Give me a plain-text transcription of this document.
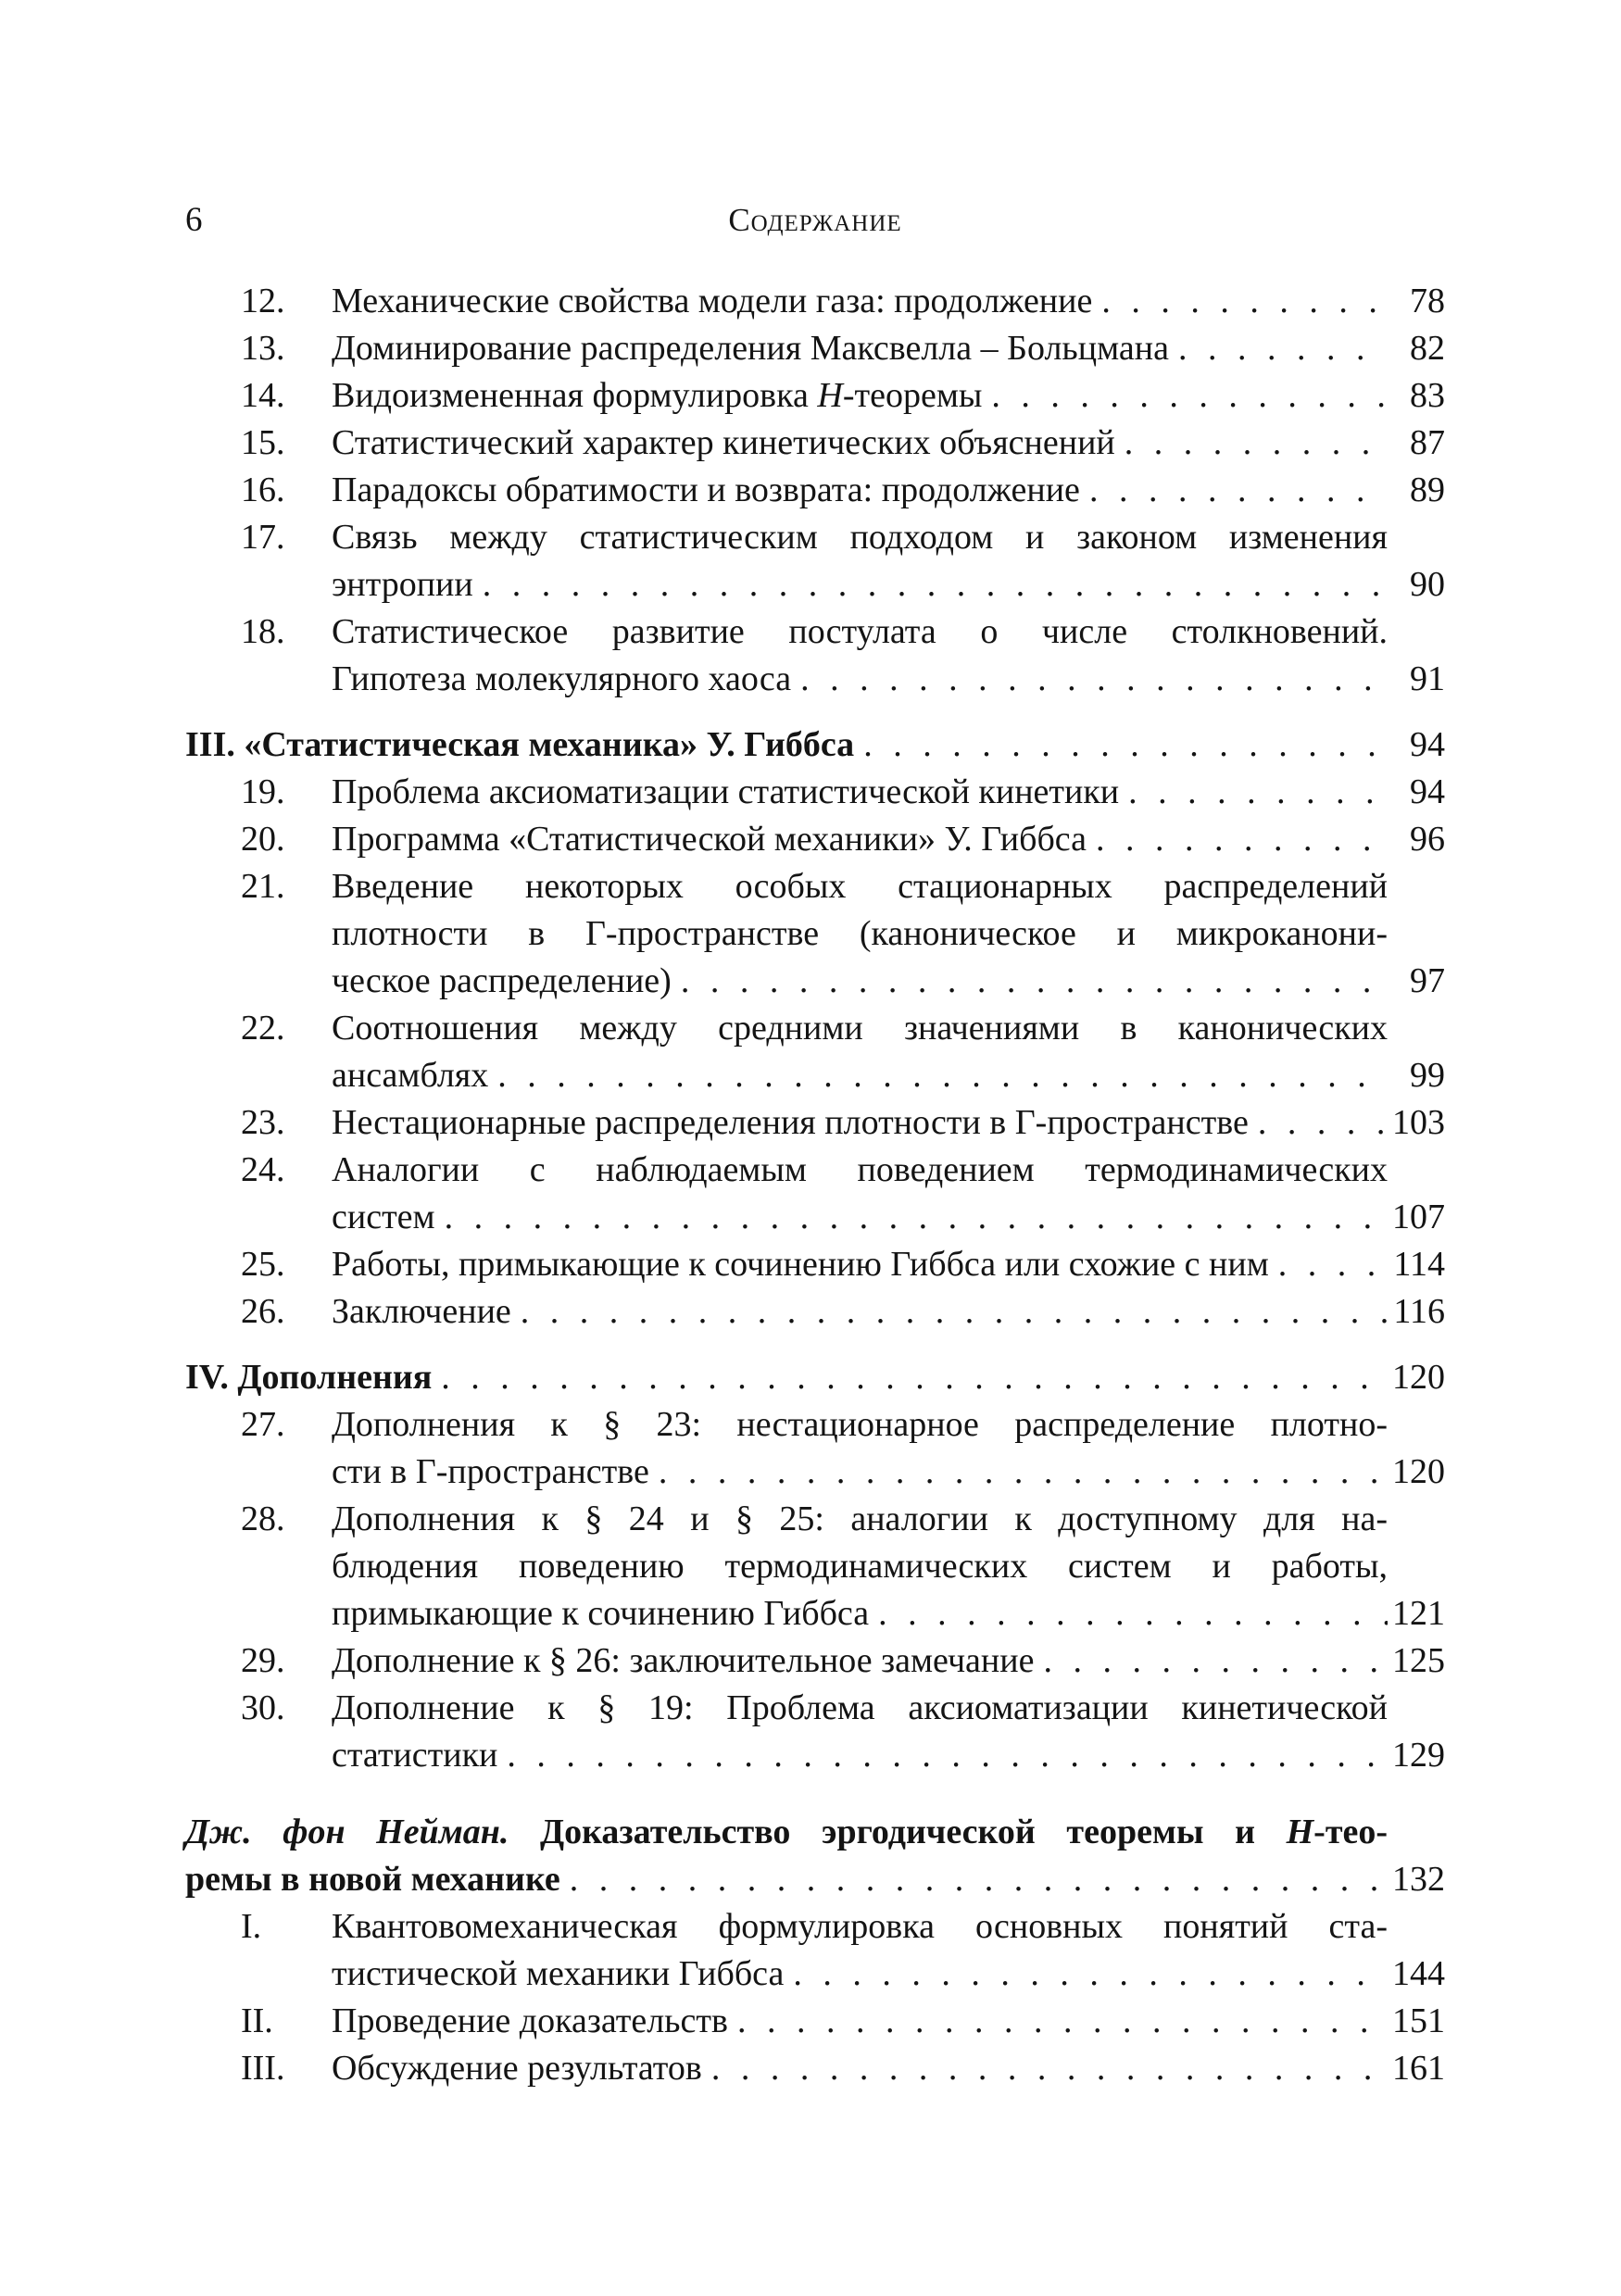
6	Содержание
12.	Механические свойства модели газа: продолжение . . .	78
13.	Доминирование распределения Максвелла – Больцмана . . .	82
14.	Видоизмененная формулировка H-теоремы . . .	83
15.	Статистический характер кинетических объяснений . . .	87
16.	Парадоксы обратимости и возврата: продолжение . . .	89
17.	Связь между статистическим подходом и законом изменения
энтропии . . .	90
18.	Статистическое развитие постулата о числе столкновений.
Гипотеза молекулярного хаоса . . .	91
III. «Статистическая механика» У. Гиббса . . .	94
19.	Проблема аксиоматизации статистической кинетики . . .	94
20.	Программа «Статистической механики» У. Гиббса . . .	96
21.	Введение некоторых особых стационарных распределений
плотности в Г-пространстве (каноническое и микроканони-
ческое распределение) . . .	97
22.	Соотношения между средними значениями в канонических
ансамблях . . .	99
23.	Нестационарные распределения плотности в Г-пространстве . . .	103
24.	Аналогии с наблюдаемым поведением термодинамических
систем . . .	107
25.	Работы, примыкающие к сочинению Гиббса или схожие с ним . . .	114
26.	Заключение . . .	116
IV. Дополнения . . .	120
27.	Дополнения к § 23: нестационарное распределение плотно-
сти в Г-пространстве . . .	120
28.	Дополнения к § 24 и § 25: аналогии к доступному для на-
блюдения поведению термодинамических систем и работы,
примыкающие к сочинению Гиббса . . .	121
29.	Дополнение к § 26: заключительное замечание . . .	125
30.	Дополнение к § 19: Проблема аксиоматизации кинетической
статистики . . .	129
Дж. фон Нейман. Доказательство эргодической теоремы и H-тео-
ремы в новой механике . . .	132
I.	Квантовомеханическая формулировка основных понятий ста-
тистической механики Гиббса . . .	144
II.	Проведение доказательств . . .	151
III.	Обсуждение результатов . . .	161
